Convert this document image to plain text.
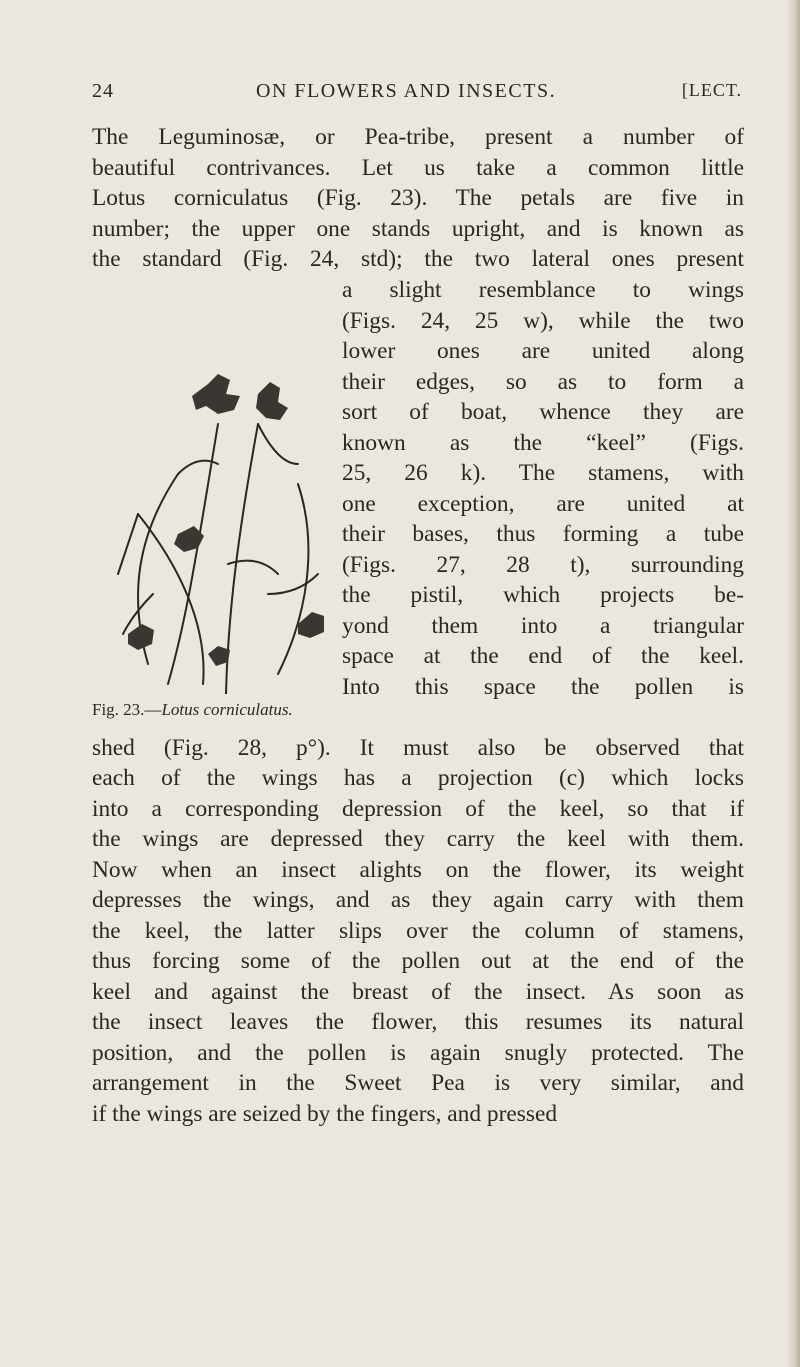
24	ON FLOWERS AND INSECTS.	[LECT.
The Leguminosæ, or Pea-tribe, present a number of
beautiful contrivances. Let us take a common little
Lotus corniculatus (Fig. 23). The petals are five in
number; the upper one stands upright, and is known as
the standard (Fig. 24, std); the two lateral ones present
a slight resemblance to wings
(Figs. 24, 25 w), while the two
lower ones are united along
their edges, so as to form a
sort of boat, whence they are
known as the “keel” (Figs.
25, 26 k). The stamens, with
one exception, are united at
their bases, thus forming a tube
(Figs. 27, 28 t), surrounding
the pistil, which projects be-
yond them into a triangular
space at the end of the keel.
Into this space the pollen is
Fig. 23.—Lotus corniculatus.
shed (Fig. 28, p°). It must also be observed that
each of the wings has a projection (c) which locks
into a corresponding depression of the keel, so that if
the wings are depressed they carry the keel with them.
Now when an insect alights on the flower, its weight
depresses the wings, and as they again carry with them
the keel, the latter slips over the column of stamens,
thus forcing some of the pollen out at the end of the
keel and against the breast of the insect. As soon as
the insect leaves the flower, this resumes its natural
position, and the pollen is again snugly protected. The
arrangement in the Sweet Pea is very similar, and
if the wings are seized by the fingers, and pressed
